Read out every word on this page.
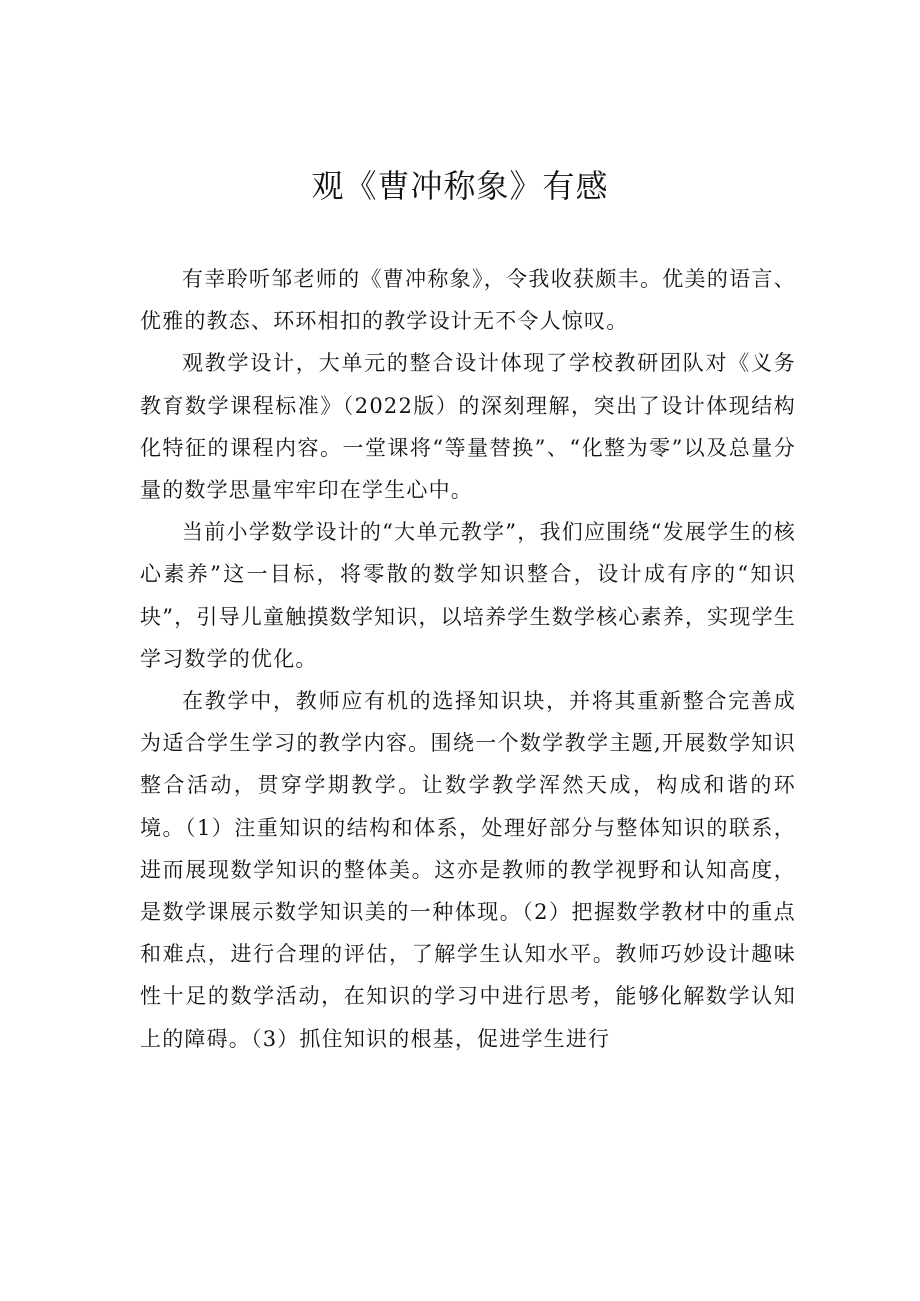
观《曹冲称象》有感

有幸聆听邹老师的《曹冲称象》，令我收获颇丰。优美的语言、优雅的教态、环环相扣的教学设计无不令人惊叹。

观教学设计，大单元的整合设计体现了学校教研团队对《义务教育数学课程标准》（2022版）的深刻理解，突出了设计体现结构化特征的课程内容。一堂课将“等量替换”、“化整为零”以及总量分量的数学思量牢牢印在学生心中。

当前小学数学设计的“大单元教学”，我们应围绕“发展学生的核心素养”这一目标，将零散的数学知识整合，设计成有序的“知识块”，引导儿童触摸数学知识，以培养学生数学核心素养，实现学生学习数学的优化。

在教学中，教师应有机的选择知识块，并将其重新整合完善成为适合学生学习的教学内容。围绕一个数学教学主题,开展数学知识整合活动，贯穿学期教学。让数学教学浑然天成，构成和谐的环境。（1）注重知识的结构和体系，处理好部分与整体知识的联系，进而展现数学知识的整体美。这亦是教师的教学视野和认知高度，是数学课展示数学知识美的一种体现。（2）把握数学教材中的重点和难点，进行合理的评估，了解学生认知水平。教师巧妙设计趣味性十足的数学活动，在知识的学习中进行思考，能够化解数学认知上的障碍。（3）抓住知识的根基，促进学生进行
